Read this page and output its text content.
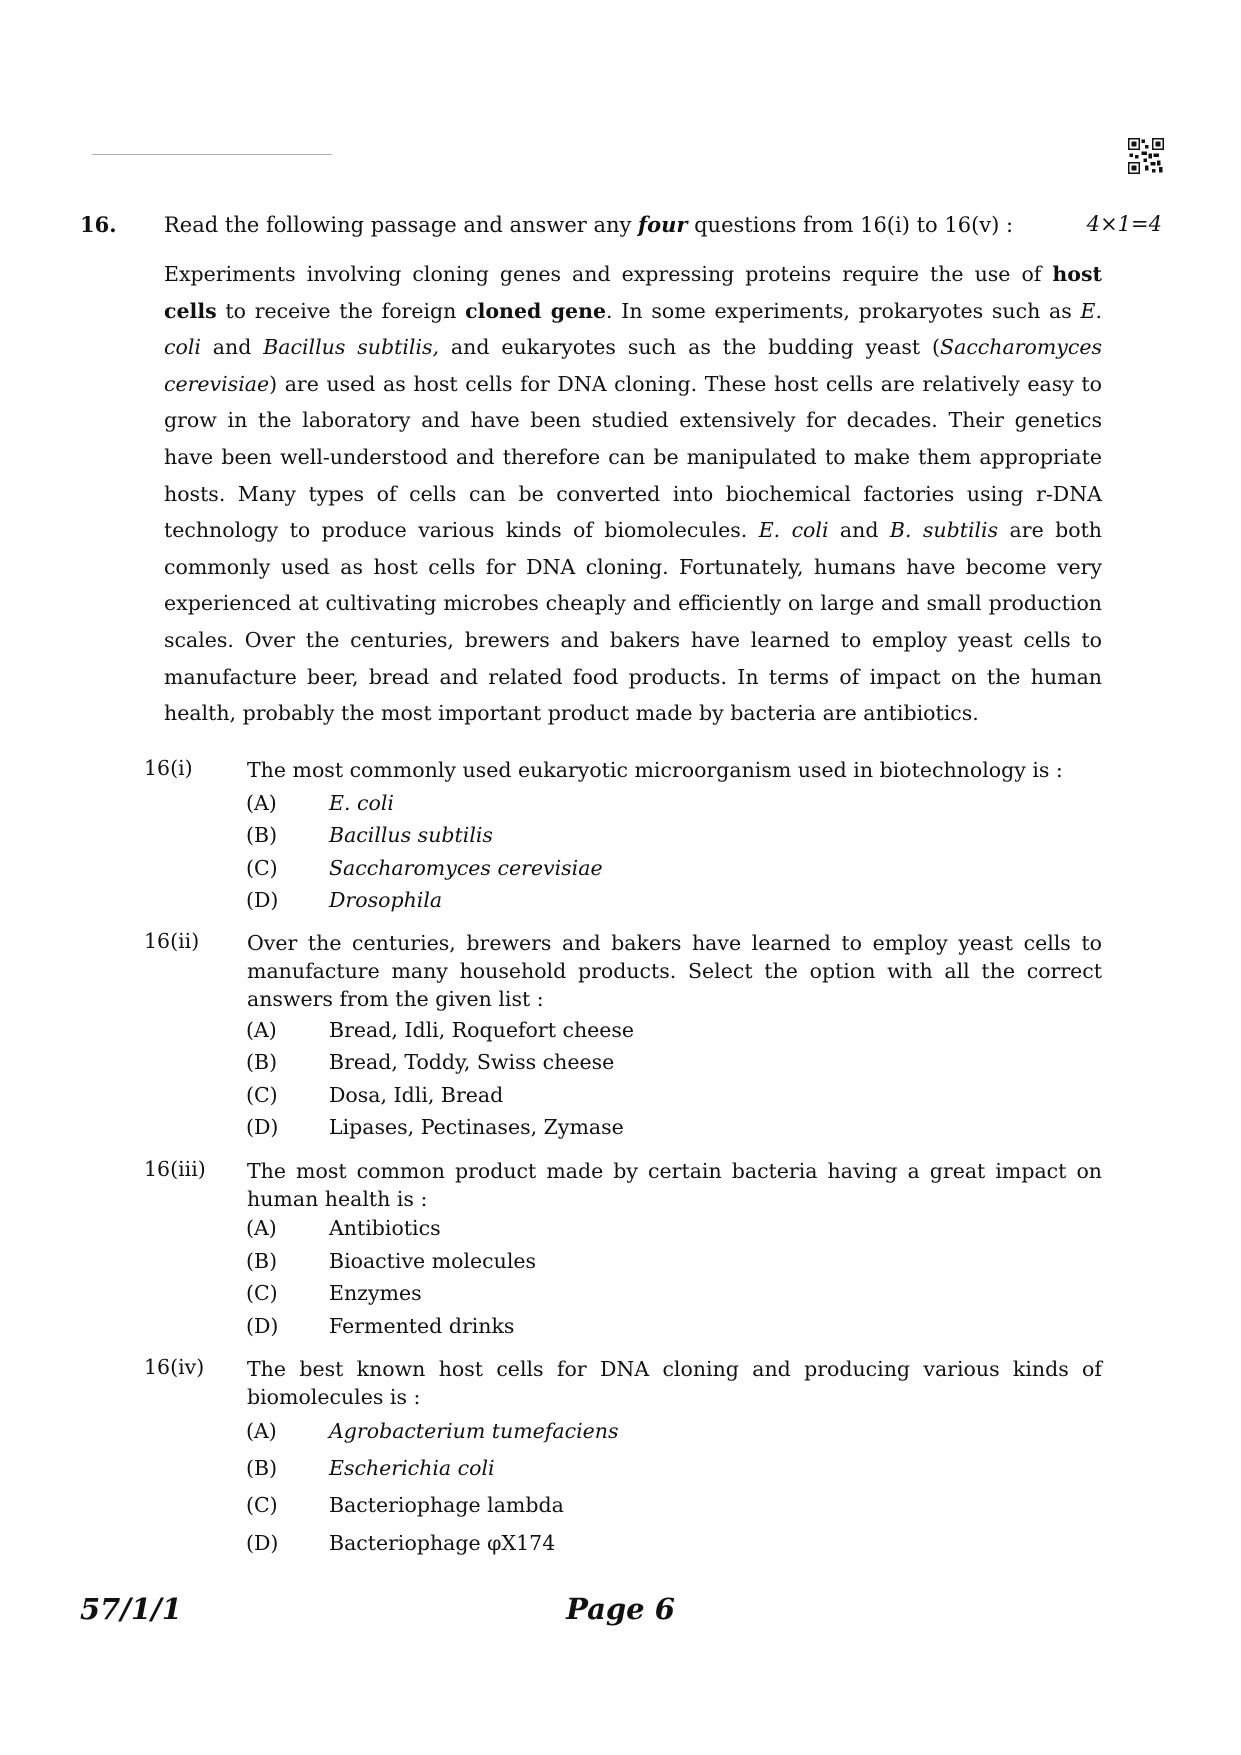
16. Read the following passage and answer any four questions from 16(i) to 16(v) :	4×1=4

Experiments involving cloning genes and expressing proteins require the use of host cells to receive the foreign cloned gene. In some experiments, prokaryotes such as E. coli and Bacillus subtilis, and eukaryotes such as the budding yeast (Saccharomyces cerevisiae) are used as host cells for DNA cloning. These host cells are relatively easy to grow in the laboratory and have been studied extensively for decades. Their genetics have been well-understood and therefore can be manipulated to make them appropriate hosts. Many types of cells can be converted into biochemical factories using r-DNA technology to produce various kinds of biomolecules. E. coli and B. subtilis are both commonly used as host cells for DNA cloning. Fortunately, humans have become very experienced at cultivating microbes cheaply and efficiently on large and small production scales. Over the centuries, brewers and bakers have learned to employ yeast cells to manufacture beer, bread and related food products. In terms of impact on the human health, probably the most important product made by bacteria are antibiotics.

16(i)	The most commonly used eukaryotic microorganism used in biotechnology is :

(A)	E. coli
(B)	Bacillus subtilis
(C)	Saccharomyces cerevisiae
(D) Drosophila
16(ii) Over the centuries, brewers and bakers have learned to employ yeast cells to manufacture many household products. Select the option with all the correct answers from the given list :

(A)	Bread, Idli, Roquefort cheese
(B)	Bread, Toddy, Swiss cheese
(C)	Dosa, Idli, Bread
(D) Lipases, Pectinases, Zymase
16(iii) The most common product made by certain bacteria having a great impact on human health is :

(A)	Antibiotics
(B)	Bioactive molecules
(C)	Enzymes
(D) Fermented drinks
16(iv) The best known host cells for DNA cloning and producing various kinds of biomolecules is :

(A)	Agrobacterium tumefaciens
(B)	Escherichia coli
(C)	Bacteriophage lambda
(D) Bacteriophage φX174
57/1/1	Page 6
